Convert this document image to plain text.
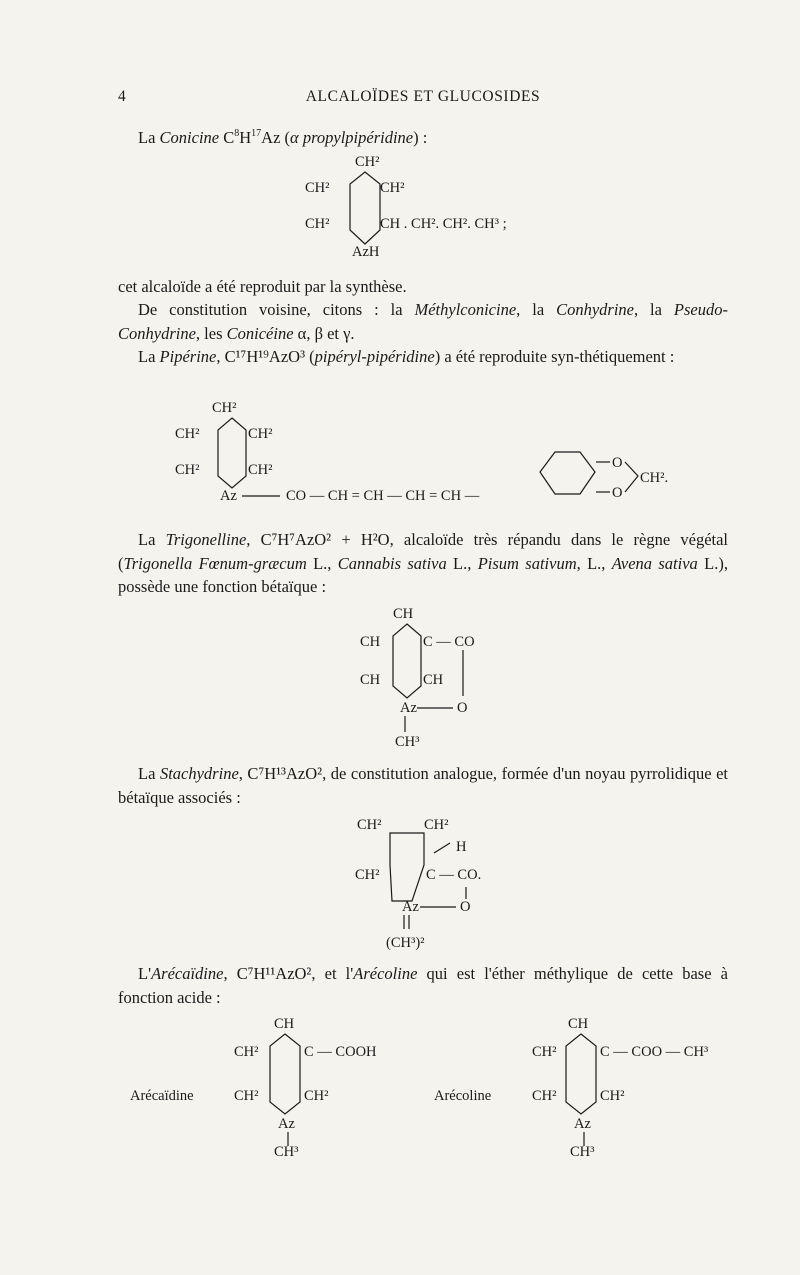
4	ALCALOÏDES ET GLUCOSIDES
La Conicine $C^8H^{17}Az$ (α propylpipéridine) :
CH²
CH²	CH²
CH²	CH . CH². CH². CH³ ;
AzH
cet alcaloïde a été reproduit par la synthèse.
De constitution voisine, citons : la Méthylconicine, la Conhydrine, la Pseudo-Conhydrine, les Conicéine α, β et γ.
La Pipérine, C¹⁷H¹⁹AzO³ (pipéryl-pipéridine) a été reproduite syn-thétiquement :
CH²
CH²	CH²
CH²	CH²
Az	CO — CH = CH — CH = CH —
O
O
CH².
La Trigonelline, C⁷H⁷AzO² + H²O, alcaloïde très répandu dans le règne végétal (Trigonella Fœnum-græcum L., Cannabis sativa L., Pisum sativum, L., Avena sativa L.), possède une fonction bétaïque :
CH
CH	C — CO
CH	CH
Az	O
CH³
La Stachydrine, C⁷H¹³AzO², de constitution analogue, formée d'un noyau pyrrolidique et bétaïque associés :
CH²	CH²
H
CH²	C — CO.
Az	O
(CH³)²
L'Arécaïdine, C⁷H¹¹AzO², et l'Arécoline qui est l'éther méthylique de cette base à fonction acide :
Arécaïdine
CH
CH²	C — COOH
CH²	CH²
Az
CH³
Arécoline
CH
CH²	C — COO — CH³
CH²	CH²
Az
CH³
